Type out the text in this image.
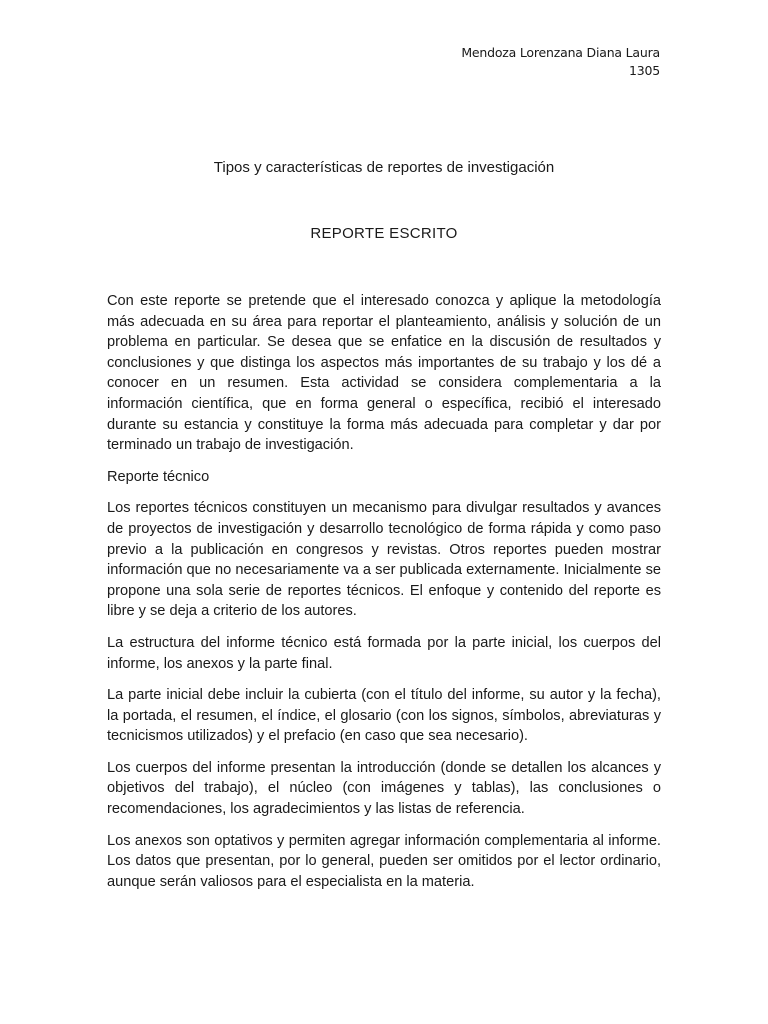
Mendoza Lorenzana Diana Laura
1305
Tipos y características de reportes de investigación
REPORTE ESCRITO

Con este reporte se pretende que el interesado conozca y aplique la metodología más adecuada en su área para reportar el planteamiento, análisis y solución de un problema en particular. Se desea que se enfatice en la discusión de resultados y conclusiones y que distinga los aspectos más importantes de su trabajo y los dé a conocer en un resumen. Esta actividad se considera complementaria a la información científica, que en forma general o específica, recibió el interesado durante su estancia y constituye la forma más adecuada para completar y dar por terminado un trabajo de investigación.

Reporte técnico

Los reportes técnicos constituyen un mecanismo para divulgar resultados y avances de proyectos de investigación y desarrollo tecnológico de forma rápida y como paso previo a la publicación en congresos y revistas. Otros reportes pueden mostrar información que no necesariamente va a ser publicada externamente. Inicialmente se propone una sola serie de reportes técnicos. El enfoque y contenido del reporte es libre y se deja a criterio de los autores.

La estructura del informe técnico está formada por la parte inicial, los cuerpos del informe, los anexos y la parte final.

La parte inicial debe incluir la cubierta (con el título del informe, su autor y la fecha), la portada, el resumen, el índice, el glosario (con los signos, símbolos, abreviaturas y tecnicismos utilizados) y el prefacio (en caso que sea necesario).

Los cuerpos del informe presentan la introducción (donde se detallen los alcances y objetivos del trabajo), el núcleo (con imágenes y tablas), las conclusiones o recomendaciones, los agradecimientos y las listas de referencia.

Los anexos son optativos y permiten agregar información complementaria al informe. Los datos que presentan, por lo general, pueden ser omitidos por el lector ordinario, aunque serán valiosos para el especialista en la materia.
